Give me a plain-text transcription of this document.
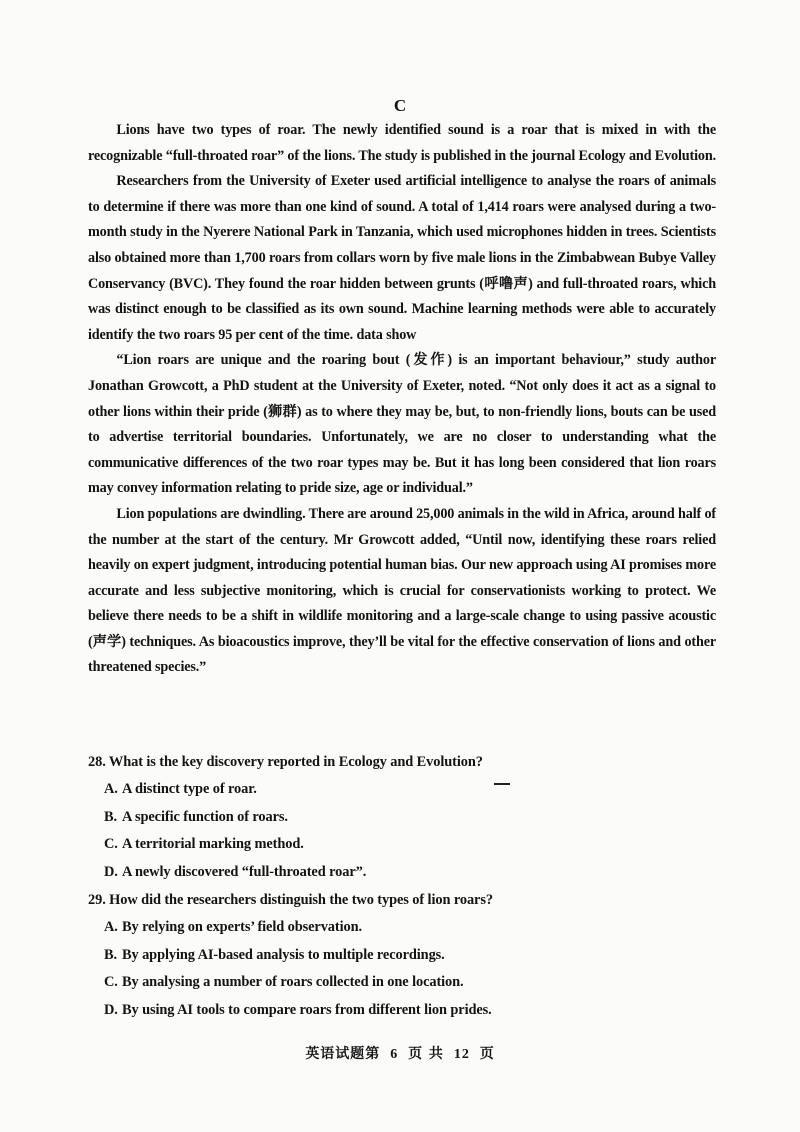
C

Lions have two types of roar. The newly identified sound is a roar that is mixed in with the recognizable “full-throated roar” of the lions. The study is published in the journal Ecology and Evolution.

Researchers from the University of Exeter used artificial intelligence to analyse the roars of animals to determine if there was more than one kind of sound. A total of 1,414 roars were analysed during a two-month study in the Nyerere National Park in Tanzania, which used microphones hidden in trees. Scientists also obtained more than 1,700 roars from collars worn by five male lions in the Zimbabwean Bubye Valley Conservancy (BVC). They found the roar hidden between grunts (呼噜声) and full-throated roars, which was distinct enough to be classified as its own sound. Machine learning methods were able to accurately identify the two roars 95 per cent of the time. data show

“Lion roars are unique and the roaring bout (发作) is an important behaviour,” study author Jonathan Growcott, a PhD student at the University of Exeter, noted. “Not only does it act as a signal to other lions within their pride (狮群) as to where they may be, but, to non-friendly lions, bouts can be used to advertise territorial boundaries. Unfortunately, we are no closer to understanding what the communicative differences of the two roar types may be. But it has long been considered that lion roars may convey information relating to pride size, age or individual.”

Lion populations are dwindling. There are around 25,000 animals in the wild in Africa, around half of the number at the start of the century. Mr Growcott added, “Until now, identifying these roars relied heavily on expert judgment, introducing potential human bias. Our new approach using AI promises more accurate and less subjective monitoring, which is crucial for conservationists working to protect. We believe there needs to be a shift in wildlife monitoring and a large-scale change to using passive acoustic (声学) techniques. As bioacoustics improve, they’ll be vital for the effective conservation of lions and other threatened species.”

28. What is the key discovery reported in Ecology and Evolution?

A. A distinct type of roar.

B. A specific function of roars.

C. A territorial marking method.

D. A newly discovered “full-throated roar”.

29. How did the researchers distinguish the two types of lion roars?

A. By relying on experts’ field observation.

B. By applying AI-based analysis to multiple recordings.

C. By analysing a number of roars collected in one location.

D. By using AI tools to compare roars from different lion prides.

英语试题第 6 页 共 12 页
